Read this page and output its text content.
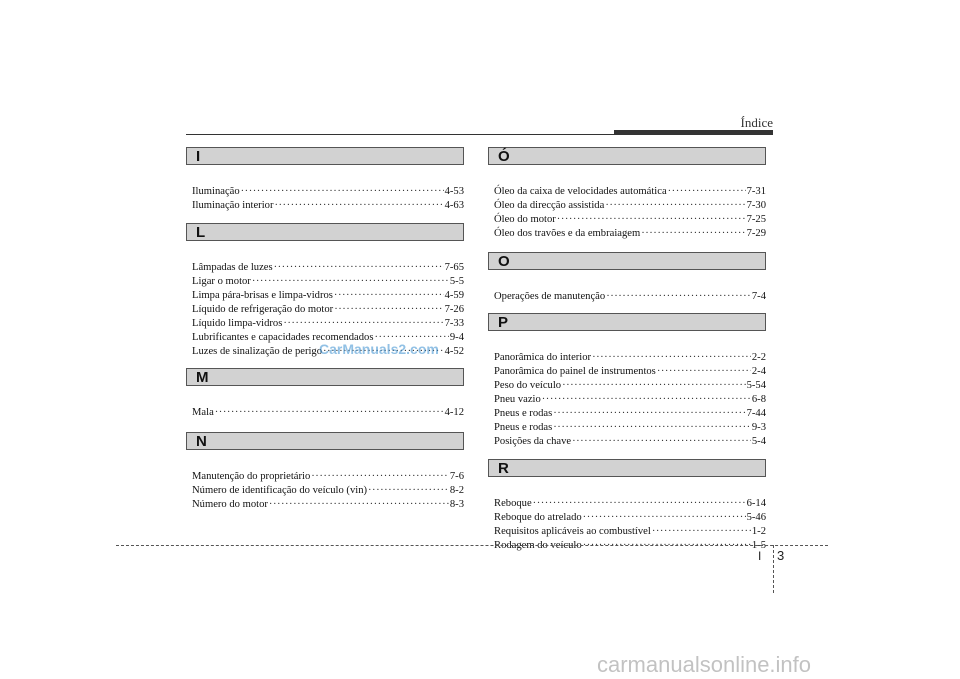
Índice
I
Iluminação ·····	4-53
Iluminação interior ·····	4-63
L
Lâmpadas de luzes ·····	7-65
Ligar o motor ·····	5-5
Limpa pára-brisas e limpa-vidros ·····	4-59
Líquido de refrigeração do motor ·····	7-26
Líquido limpa-vidros ·····	7-33
Lubrificantes e capacidades recomendados ·····	9-4
Luzes de sinalização de perigo ·····	4-52
M
Mala ·····	4-12
N
Manutenção do proprietário ·····	7-6
Número de identificação do veículo (vin) ·····	8-2
Número do motor ·····	8-3
Ó
Óleo da caixa de velocidades automática ·····	7-31
Óleo da direcção assistida ·····	7-30
Óleo do motor ·····	7-25
Óleo dos travões e da embraiagem ·····	7-29
O
Operações de manutenção ·····	7-4
P
Panorâmica do interior ·····	2-2
Panorâmica do painel de instrumentos ·····	2-4
Peso do veículo ·····	5-54
Pneu vazio ·····	6-8
Pneus e rodas ·····	7-44
Pneus e rodas ·····	9-3
Posições da chave ·····	5-4
R
Reboque ·····	6-14
Reboque do atrelado ·····	5-46
Requisitos aplicáveis ao combustível ·····	1-2
Rodagem do veículo ·····	1-5
CarManuals2.com
I 3
carmanualsonline.info
